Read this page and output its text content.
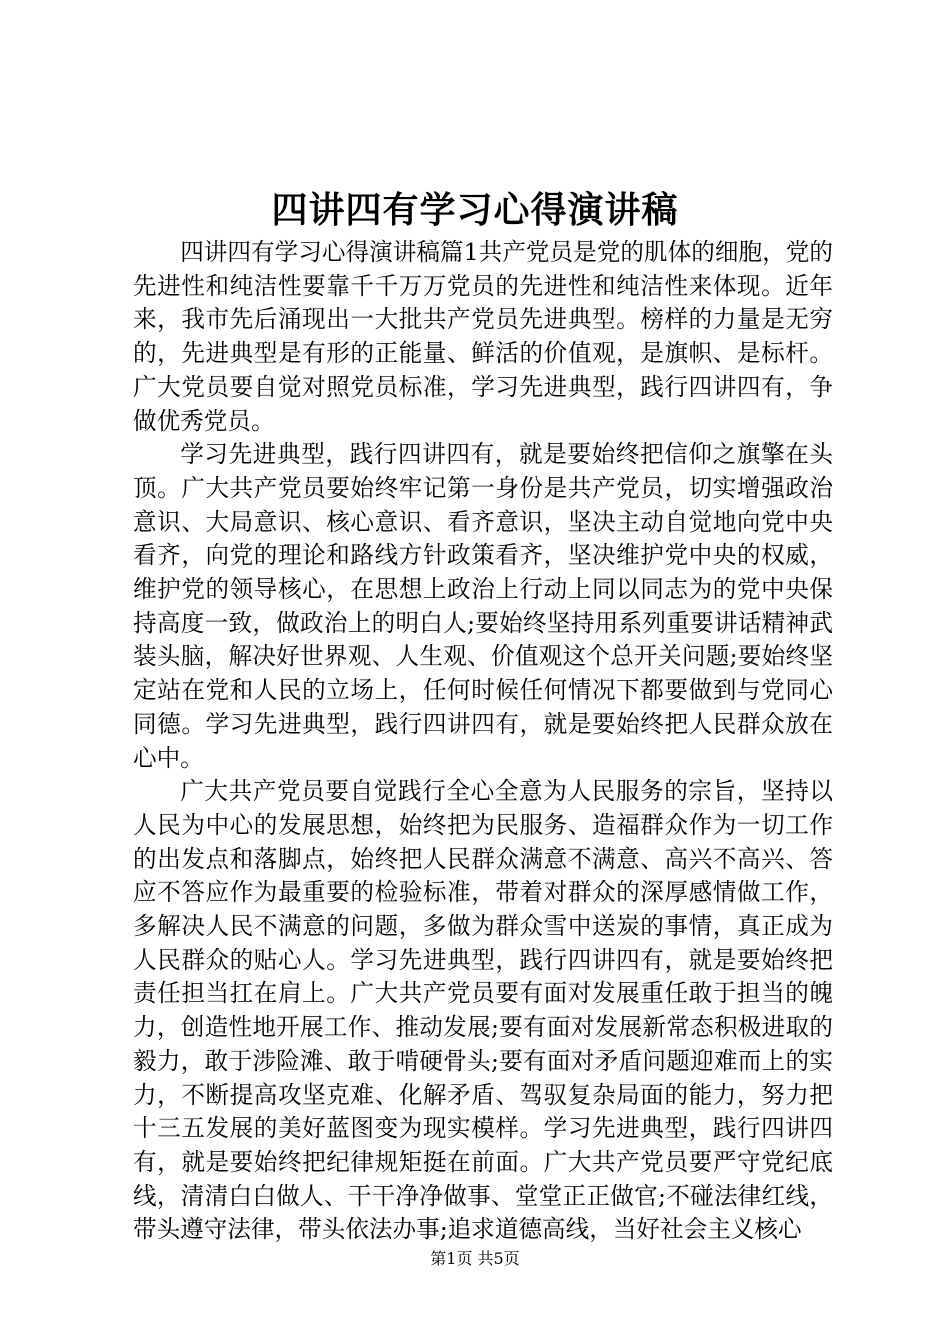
四讲四有学习心得演讲稿

四讲四有学习心得演讲稿篇1共产党员是党的肌体的细胞，党的先进性和纯洁性要靠千千万万党员的先进性和纯洁性来体现。近年来，我市先后涌现出一大批共产党员先进典型。榜样的力量是无穷的，先进典型是有形的正能量、鲜活的价值观，是旗帜、是标杆。广大党员要自觉对照党员标准，学习先进典型，践行四讲四有，争做优秀党员。

学习先进典型，践行四讲四有，就是要始终把信仰之旗擎在头顶。广大共产党员要始终牢记第一身份是共产党员，切实增强政治意识、大局意识、核心意识、看齐意识，坚决主动自觉地向党中央看齐，向党的理论和路线方针政策看齐，坚决维护党中央的权威，维护党的领导核心，在思想上政治上行动上同以同志为的党中央保持高度一致，做政治上的明白人;要始终坚持用系列重要讲话精神武装头脑，解决好世界观、人生观、价值观这个总开关问题;要始终坚定站在党和人民的立场上，任何时候任何情况下都要做到与党同心同德。学习先进典型，践行四讲四有，就是要始终把人民群众放在心中。

广大共产党员要自觉践行全心全意为人民服务的宗旨，坚持以人民为中心的发展思想，始终把为民服务、造福群众作为一切工作的出发点和落脚点，始终把人民群众满意不满意、高兴不高兴、答应不答应作为最重要的检验标准，带着对群众的深厚感情做工作，多解决人民不满意的问题，多做为群众雪中送炭的事情，真正成为人民群众的贴心人。学习先进典型，践行四讲四有，就是要始终把责任担当扛在肩上。广大共产党员要有面对发展重任敢于担当的魄力，创造性地开展工作、推动发展;要有面对发展新常态积极进取的毅力，敢于涉险滩、敢于啃硬骨头;要有面对矛盾问题迎难而上的实力，不断提高攻坚克难、化解矛盾、驾驭复杂局面的能力，努力把十三五发展的美好蓝图变为现实模样。学习先进典型，践行四讲四有，就是要始终把纪律规矩挺在前面。广大共产党员要严守党纪底线，清清白白做人、干干净净做事、堂堂正正做官;不碰法律红线，带头遵守法律，带头依法办事;追求道德高线，当好社会主义核心

第1页 共5页
